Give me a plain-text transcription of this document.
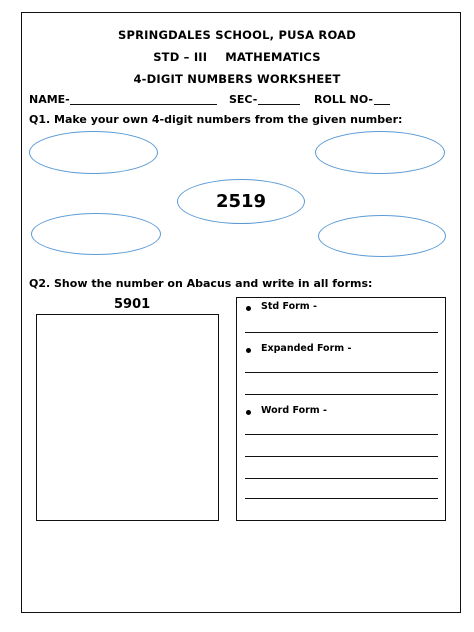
SPRINGDALES SCHOOL, PUSA ROAD
STD – III MATHEMATICS
4-DIGIT NUMBERS WORKSHEET
NAME-	SEC-	ROLL NO-
Q1. Make your own 4-digit numbers from the given number:
2519
Q2. Show the number on Abacus and write in all forms:
5901	Std Form -
Expanded Form -
Word Form -
